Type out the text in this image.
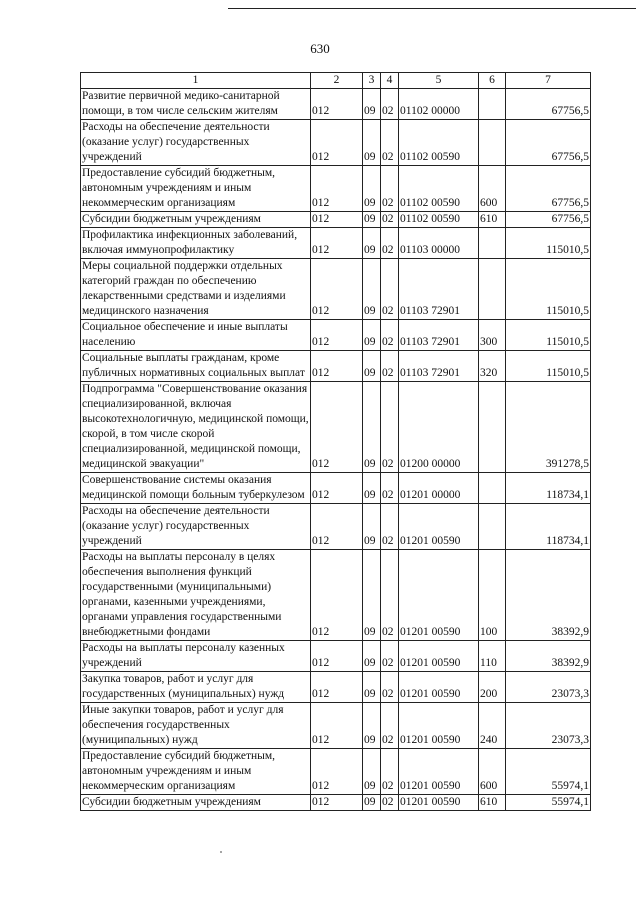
630
1	2	3	4	5	6	7
Развитие первичной медико-санитарной помощи, в том числе сельским жителям	012	09	02	01102 00000		67756,5
Расходы на обеспечение деятельности (оказание услуг) государственных учреждений	012	09	02	01102 00590		67756,5
Предоставление субсидий бюджетным, автономным учреждениям и иным некоммерческим организациям	012	09	02	01102 00590	600	67756,5
Субсидии бюджетным учреждениям	012	09	02	01102 00590	610	67756,5
Профилактика инфекционных заболеваний, включая иммунопрофилактику	012	09	02	01103 00000		115010,5
Меры социальной поддержки отдельных категорий граждан по обеспечению лекарственными средствами и изделиями медицинского назначения	012	09	02	01103 72901		115010,5
Социальное обеспечение и иные выплаты населению	012	09	02	01103 72901	300	115010,5
Социальные выплаты гражданам, кроме публичных нормативных социальных выплат	012	09	02	01103 72901	320	115010,5
Подпрограмма "Совершенствование оказания специализированной, включая высокотехнологичную, медицинской помощи, скорой, в том числе скорой специализированной, медицинской помощи, медицинской эвакуации"	012	09	02	01200 00000		391278,5
Совершенствование системы оказания медицинской помощи больным туберкулезом	012	09	02	01201 00000		118734,1
Расходы на обеспечение деятельности (оказание услуг) государственных учреждений	012	09	02	01201 00590		118734,1
Расходы на выплаты персоналу в целях обеспечения выполнения функций государственными (муниципальными) органами, казенными учреждениями, органами управления государственными внебюджетными фондами	012	09	02	01201 00590	100	38392,9
Расходы на выплаты персоналу казенных учреждений	012	09	02	01201 00590	110	38392,9
Закупка товаров, работ и услуг для государственных (муниципальных) нужд	012	09	02	01201 00590	200	23073,3
Иные закупки товаров, работ и услуг для обеспечения государственных (муниципальных) нужд	012	09	02	01201 00590	240	23073,3
Предоставление субсидий бюджетным, автономным учреждениям и иным некоммерческим организациям	012	09	02	01201 00590	600	55974,1
Субсидии бюджетным учреждениям	012	09	02	01201 00590	610	55974,1
